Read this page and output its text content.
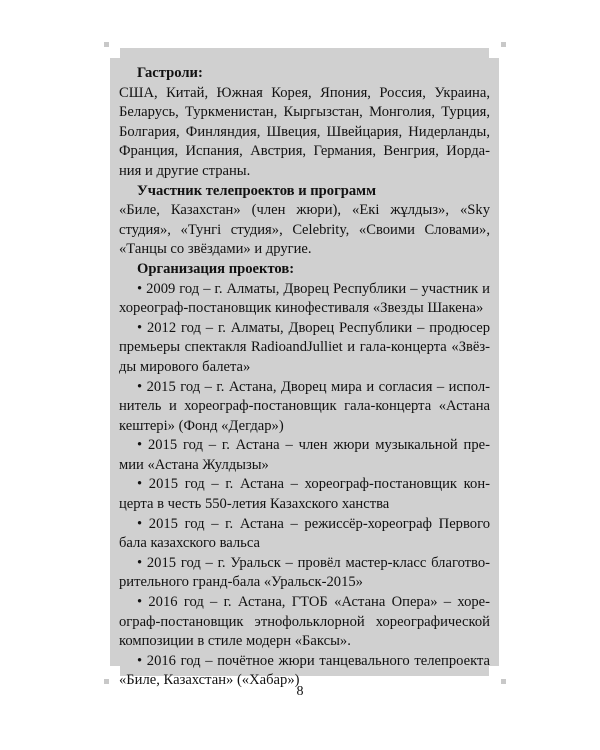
Гастроли:

США, Китай, Южная Корея, Япония, Россия, Украина,

Беларусь, Туркменистан, Кыргызстан, Монголия, Турция,

Болгария, Финляндия, Швеция, Швейцария, Нидерланды,

Франция, Испания, Австрия, Германия, Венгрия, Иорда-

ния и другие страны.

Участник телепроектов и программ

«Биле, Казахстан» (член жюри), «Екі жұлдыз», «Sky

студия», «Тунгі студия», Celebrity, «Своими Словами»,

«Танцы со звёздами» и другие.

Организация проектов:

• 2009 год – г. Алматы, Дворец Республики – участник и

хореограф-постановщик кинофестиваля «Звезды Шакена»

• 2012 год – г. Алматы, Дворец Республики – продюсер

премьеры спектакля RadioandJulliet и гала-концерта «Звёз-

ды мирового балета»

• 2015 год – г. Астана, Дворец мира и согласия – испол-

нитель и хореограф-постановщик гала-концерта «Астана

кештері» (Фонд «Дегдар»)

• 2015 год – г. Астана – член жюри музыкальной пре-

мии «Астана Жулдызы»

• 2015 год – г. Астана – хореограф-постановщик кон-

церта в честь 550-летия Казахского ханства

• 2015 год – г. Астана – режиссёр-хореограф Первого

бала казахского вальса

• 2015 год – г. Уральск – провёл мастер-класс благотво-

рительного гранд-бала «Уральск-2015»

• 2016 год – г. Астана, ГТОБ «Астана Опера» – хоре-

ограф-постановщик этнофольклорной хореографической

композиции в стиле модерн «Баксы».

• 2016 год – почётное жюри танцевального телепроекта

«Биле, Казахстан» («Хабар»)

8
